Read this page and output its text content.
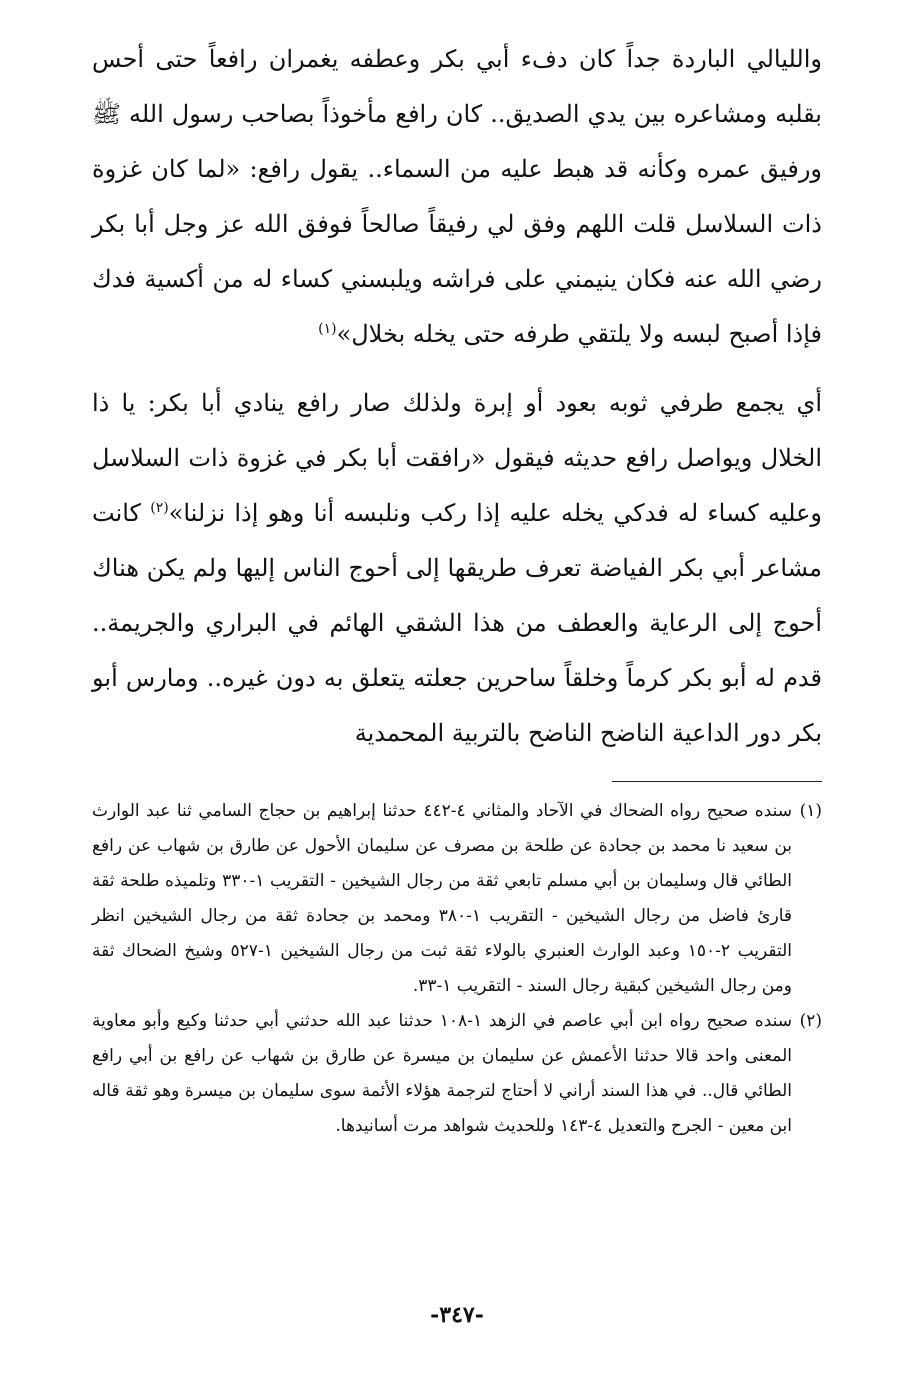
والليالي الباردة جداً كان دفء أبي بكر وعطفه يغمران رافعاً حتى أحس بقلبه ومشاعره بين يدي الصديق.. كان رافع مأخوذاً بصاحب رسول الله ﷺ ورفيق عمره وكأنه قد هبط عليه من السماء.. يقول رافع: «لما كان غزوة ذات السلاسل قلت اللهم وفق لي رفيقاً صالحاً فوفق الله عز وجل أبا بكر رضي الله عنه فكان ينيمني على فراشه ويلبسني كساء له من أكسية فدك فإذا أصبح لبسه ولا يلتقي طرفه حتى يخله بخلال»$^{(١)}$

أي يجمع طرفي ثوبه بعود أو إبرة ولذلك صار رافع ينادي أبا بكر: يا ذا الخلال ويواصل رافع حديثه فيقول «رافقت أبا بكر في غزوة ذات السلاسل وعليه كساء له فدكي يخله عليه إذا ركب ونلبسه أنا وهو إذا نزلنا»$^{(٢)}$ كانت مشاعر أبي بكر الفياضة تعرف طريقها إلى أحوج الناس إليها ولم يكن هناك أحوج إلى الرعاية والعطف من هذا الشقي الهائم في البراري والجريمة.. قدم له أبو بكر كرماً وخلقاً ساحرين جعلته يتعلق به دون غيره.. ومارس أبو بكر دور الداعية الناضح الناضح بالتربية المحمدية

(١)
سنده صحيح رواه الضحاك في الآحاد والمثاني ٤-٤٤٢ حدثنا إبراهيم بن حجاج السامي ثنا عبد الوارث بن سعيد نا محمد بن جحادة عن طلحة بن مصرف عن سليمان الأحول عن طارق بن شهاب عن رافع الطائي قال وسليمان بن أبي مسلم تابعي ثقة من رجال الشيخين - التقريب ١-٣٣٠ وتلميذه طلحة ثقة قارئ فاضل من رجال الشيخين - التقريب ١-٣٨٠ ومحمد بن جحادة ثقة من رجال الشيخين انظر التقريب ٢-١٥٠ وعبد الوارث العنبري بالولاء ثقة ثبت من رجال الشيخين ١-٥٢٧ وشيخ الضحاك ثقة ومن رجال الشيخين كبقية رجال السند - التقريب ١-٣٣.

(٢)
سنده صحيح رواه ابن أبي عاصم في الزهد ١-١٠٨ حدثنا عبد الله حدثني أبي حدثنا وكيع وأبو معاوية المعنى واحد قالا حدثنا الأعمش عن سليمان بن ميسرة عن طارق بن شهاب عن رافع بن أبي رافع الطائي قال.. في هذا السند أراني لا أحتاج لترجمة هؤلاء الأئمة سوى سليمان بن ميسرة وهو ثقة قاله ابن معين - الجرح والتعديل ٤-١٤٣ وللحديث شواهد مرت أسانيدها.

-٣٤٧-
